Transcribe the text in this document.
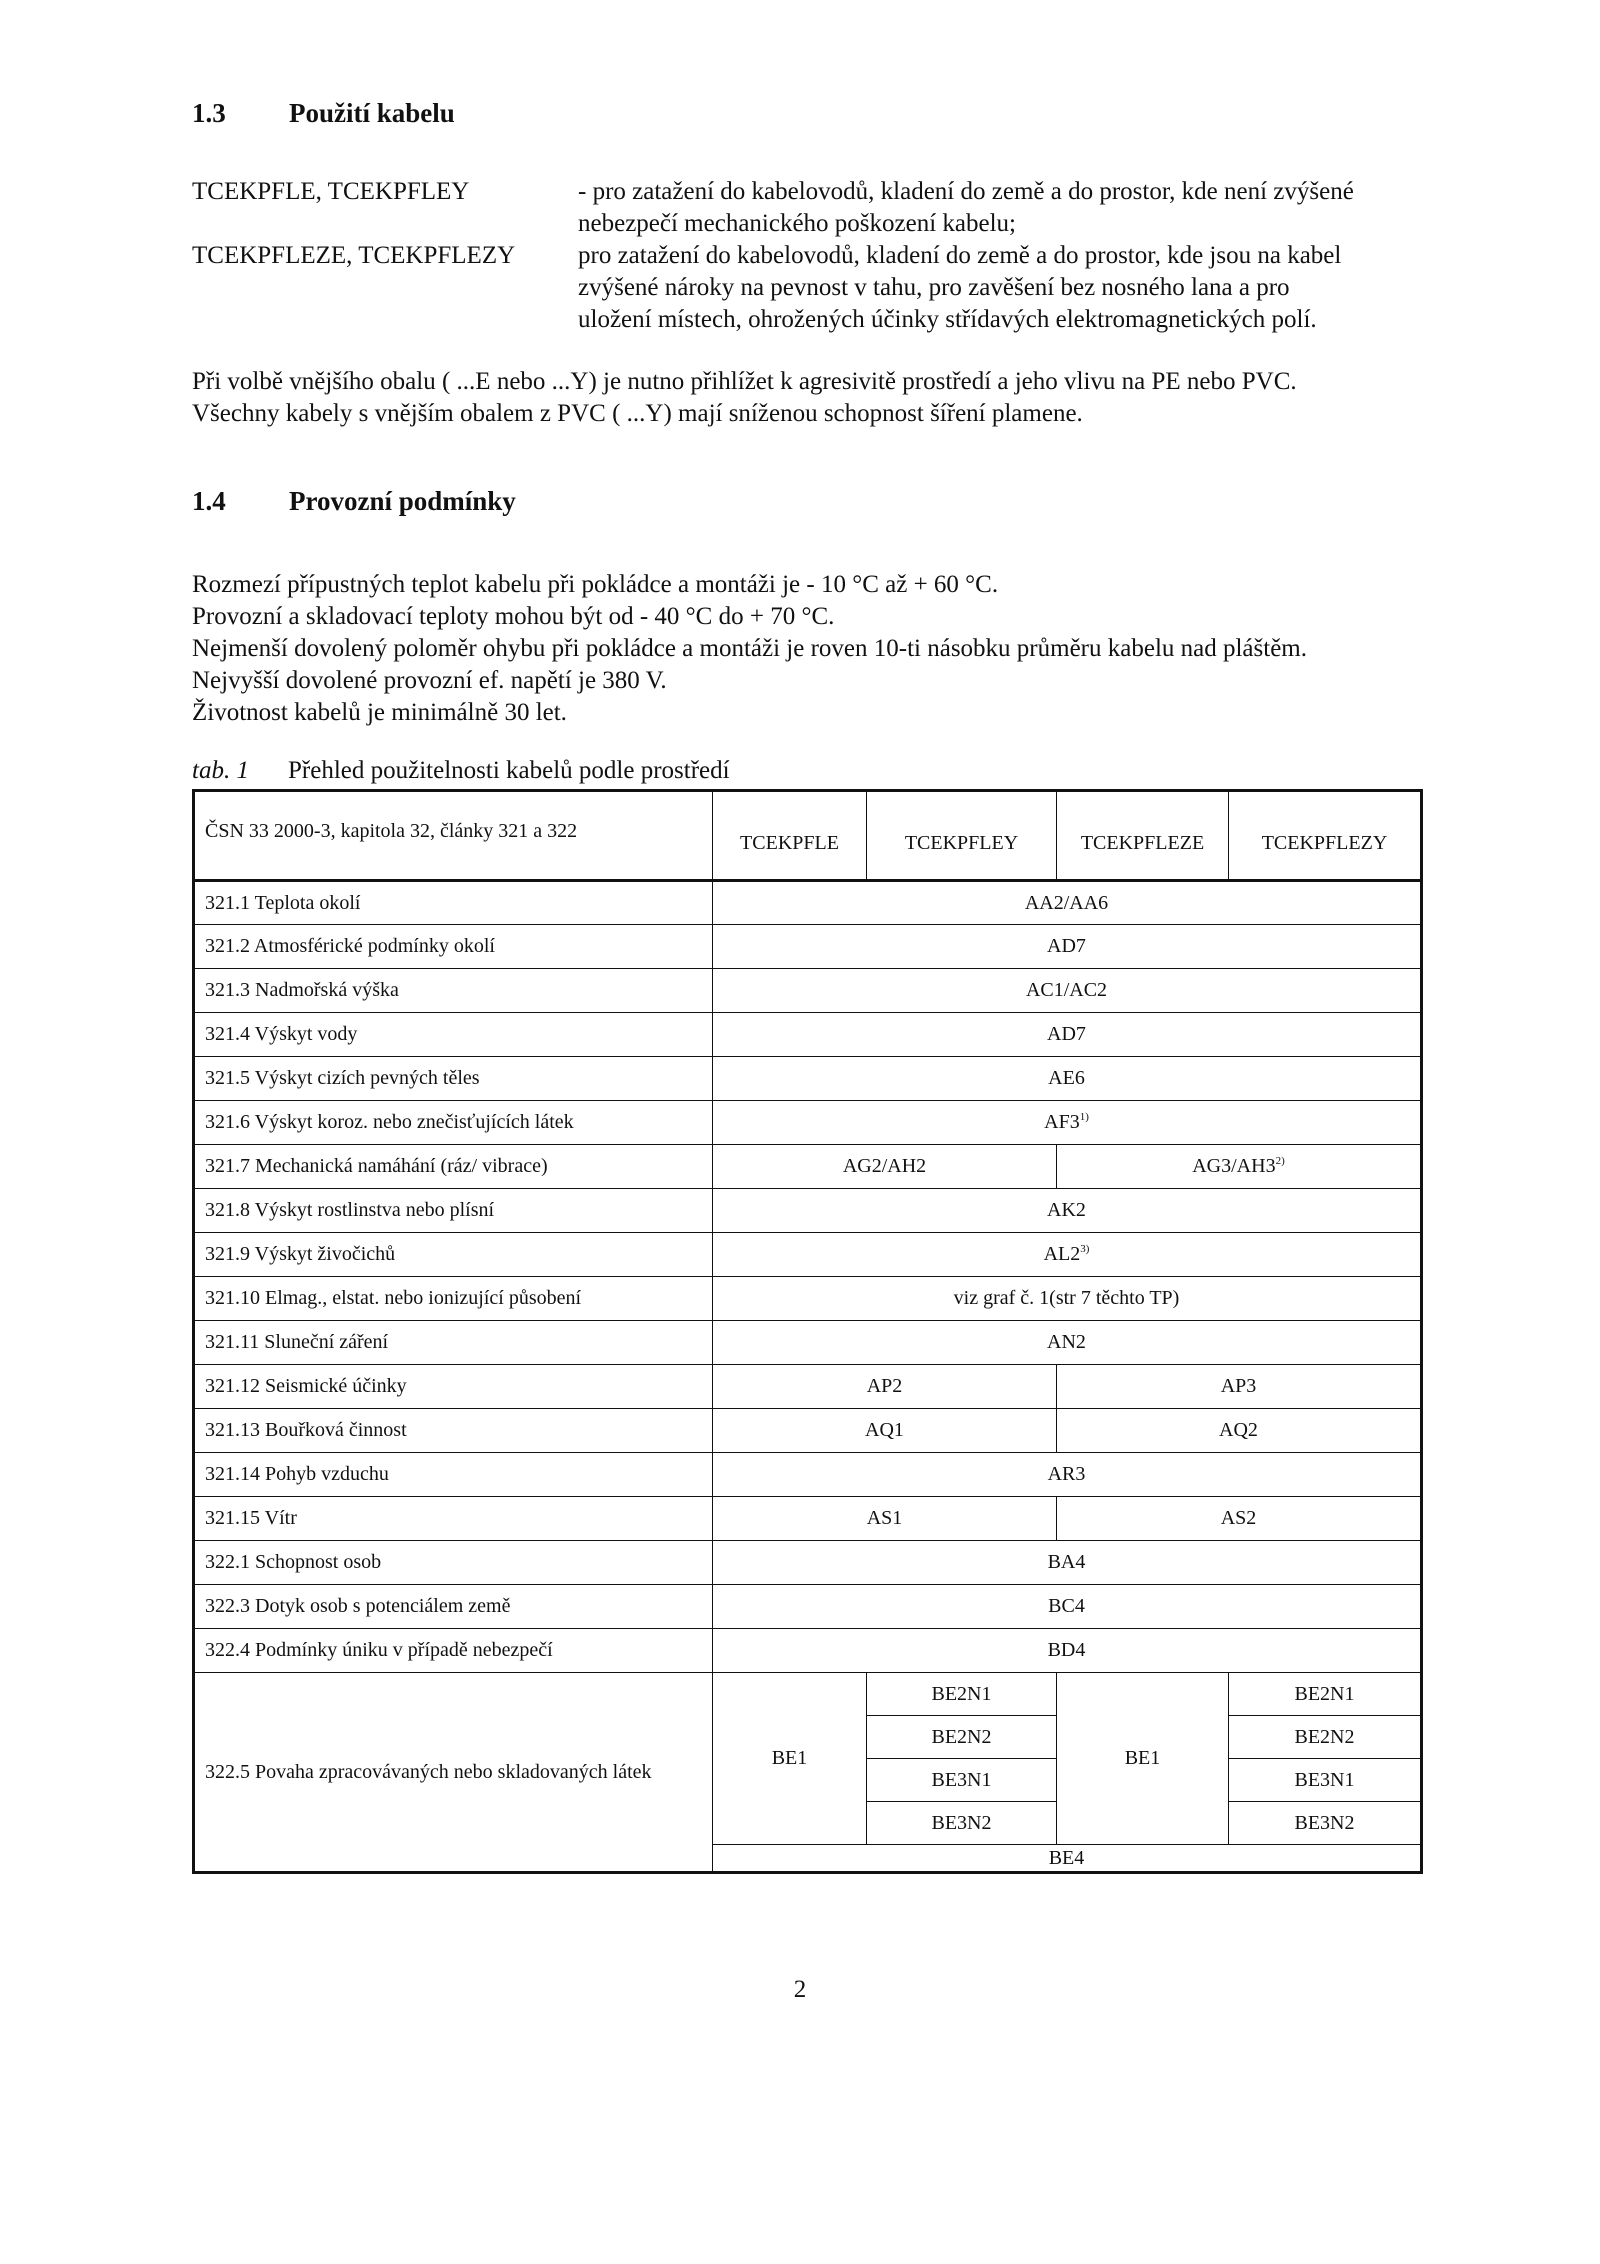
1.3 Použití kabelu
TCEKPFLE, TCEKPFLEY	- pro zatažení do kabelovodů, kladení do země a do prostor, kde není zvýšené
nebezpečí mechanického poškození kabelu;
TCEKPFLEZE, TCEKPFLEZY	pro zatažení do kabelovodů, kladení do země a do prostor, kde jsou na kabel
zvýšené nároky na pevnost v tahu, pro zavěšení bez nosného lana a pro
uložení místech, ohrožených účinky střídavých elektromagnetických polí.
Při volbě vnějšího obalu ( ...E nebo ...Y) je nutno přihlížet k agresivitě prostředí a jeho vlivu na PE nebo PVC.
Všechny kabely s vnějším obalem z PVC ( ...Y) mají sníženou schopnost šíření plamene.
1.4 Provozní podmínky
Rozmezí přípustných teplot kabelu při pokládce a montáži je - 10 °C až + 60 °C.
Provozní a skladovací teploty mohou být od - 40 °C do + 70 °C.
Nejmenší dovolený poloměr ohybu při pokládce a montáži je roven 10-ti násobku průměru kabelu nad pláštěm.
Nejvyšší dovolené provozní ef. napětí je 380 V.
Životnost kabelů je minimálně 30 let.
tab. 1 Přehled použitelnosti kabelů podle prostředí
ČSN 33 2000-3, kapitola 32, články 321 a 322	TCEKPFLE	TCEKPFLEY	TCEKPFLEZE	TCEKPFLEZY
321.1 Teplota okolí	AA2/AA6			
321.2 Atmosférické podmínky okolí	AD7			
321.3 Nadmořská výška	AC1/AC2			
321.4 Výskyt vody	AD7			
321.5 Výskyt cizích pevných těles	AE6			
321.6 Výskyt koroz. nebo znečisťujících látek	AF3$^{1)}$
321.7 Mechanická namáhání (ráz/ vibrace)	AG2/AH2		AG3/AH3$^{2)}$
321.8 Výskyt rostlinstva nebo plísní	AK2			
321.9 Výskyt živočichů	AL2$^{3)}$
321.10 Elmag., elstat. nebo ionizující působení	viz graf č. 1(str 7 těchto TP)			
321.11 Sluneční záření	AN2			
321.12 Seismické účinky	AP2		AP3	
321.13 Bouřková činnost	AQ1		AQ2	
321.14 Pohyb vzduchu	AR3			
321.15 Vítr	AS1		AS2	
322.1 Schopnost osob	BA4			
322.3 Dotyk osob s potenciálem země	BC4			
322.4 Podmínky úniku v případě nebezpečí	BD4			
322.5 Povaha zpracovávaných nebo skladovaných látek	BE1	BE2N1	BE1	BE2N1
		BE2N2		BE2N2
		BE3N1		BE3N1
		BE3N2		BE3N2
	BE4			
2
